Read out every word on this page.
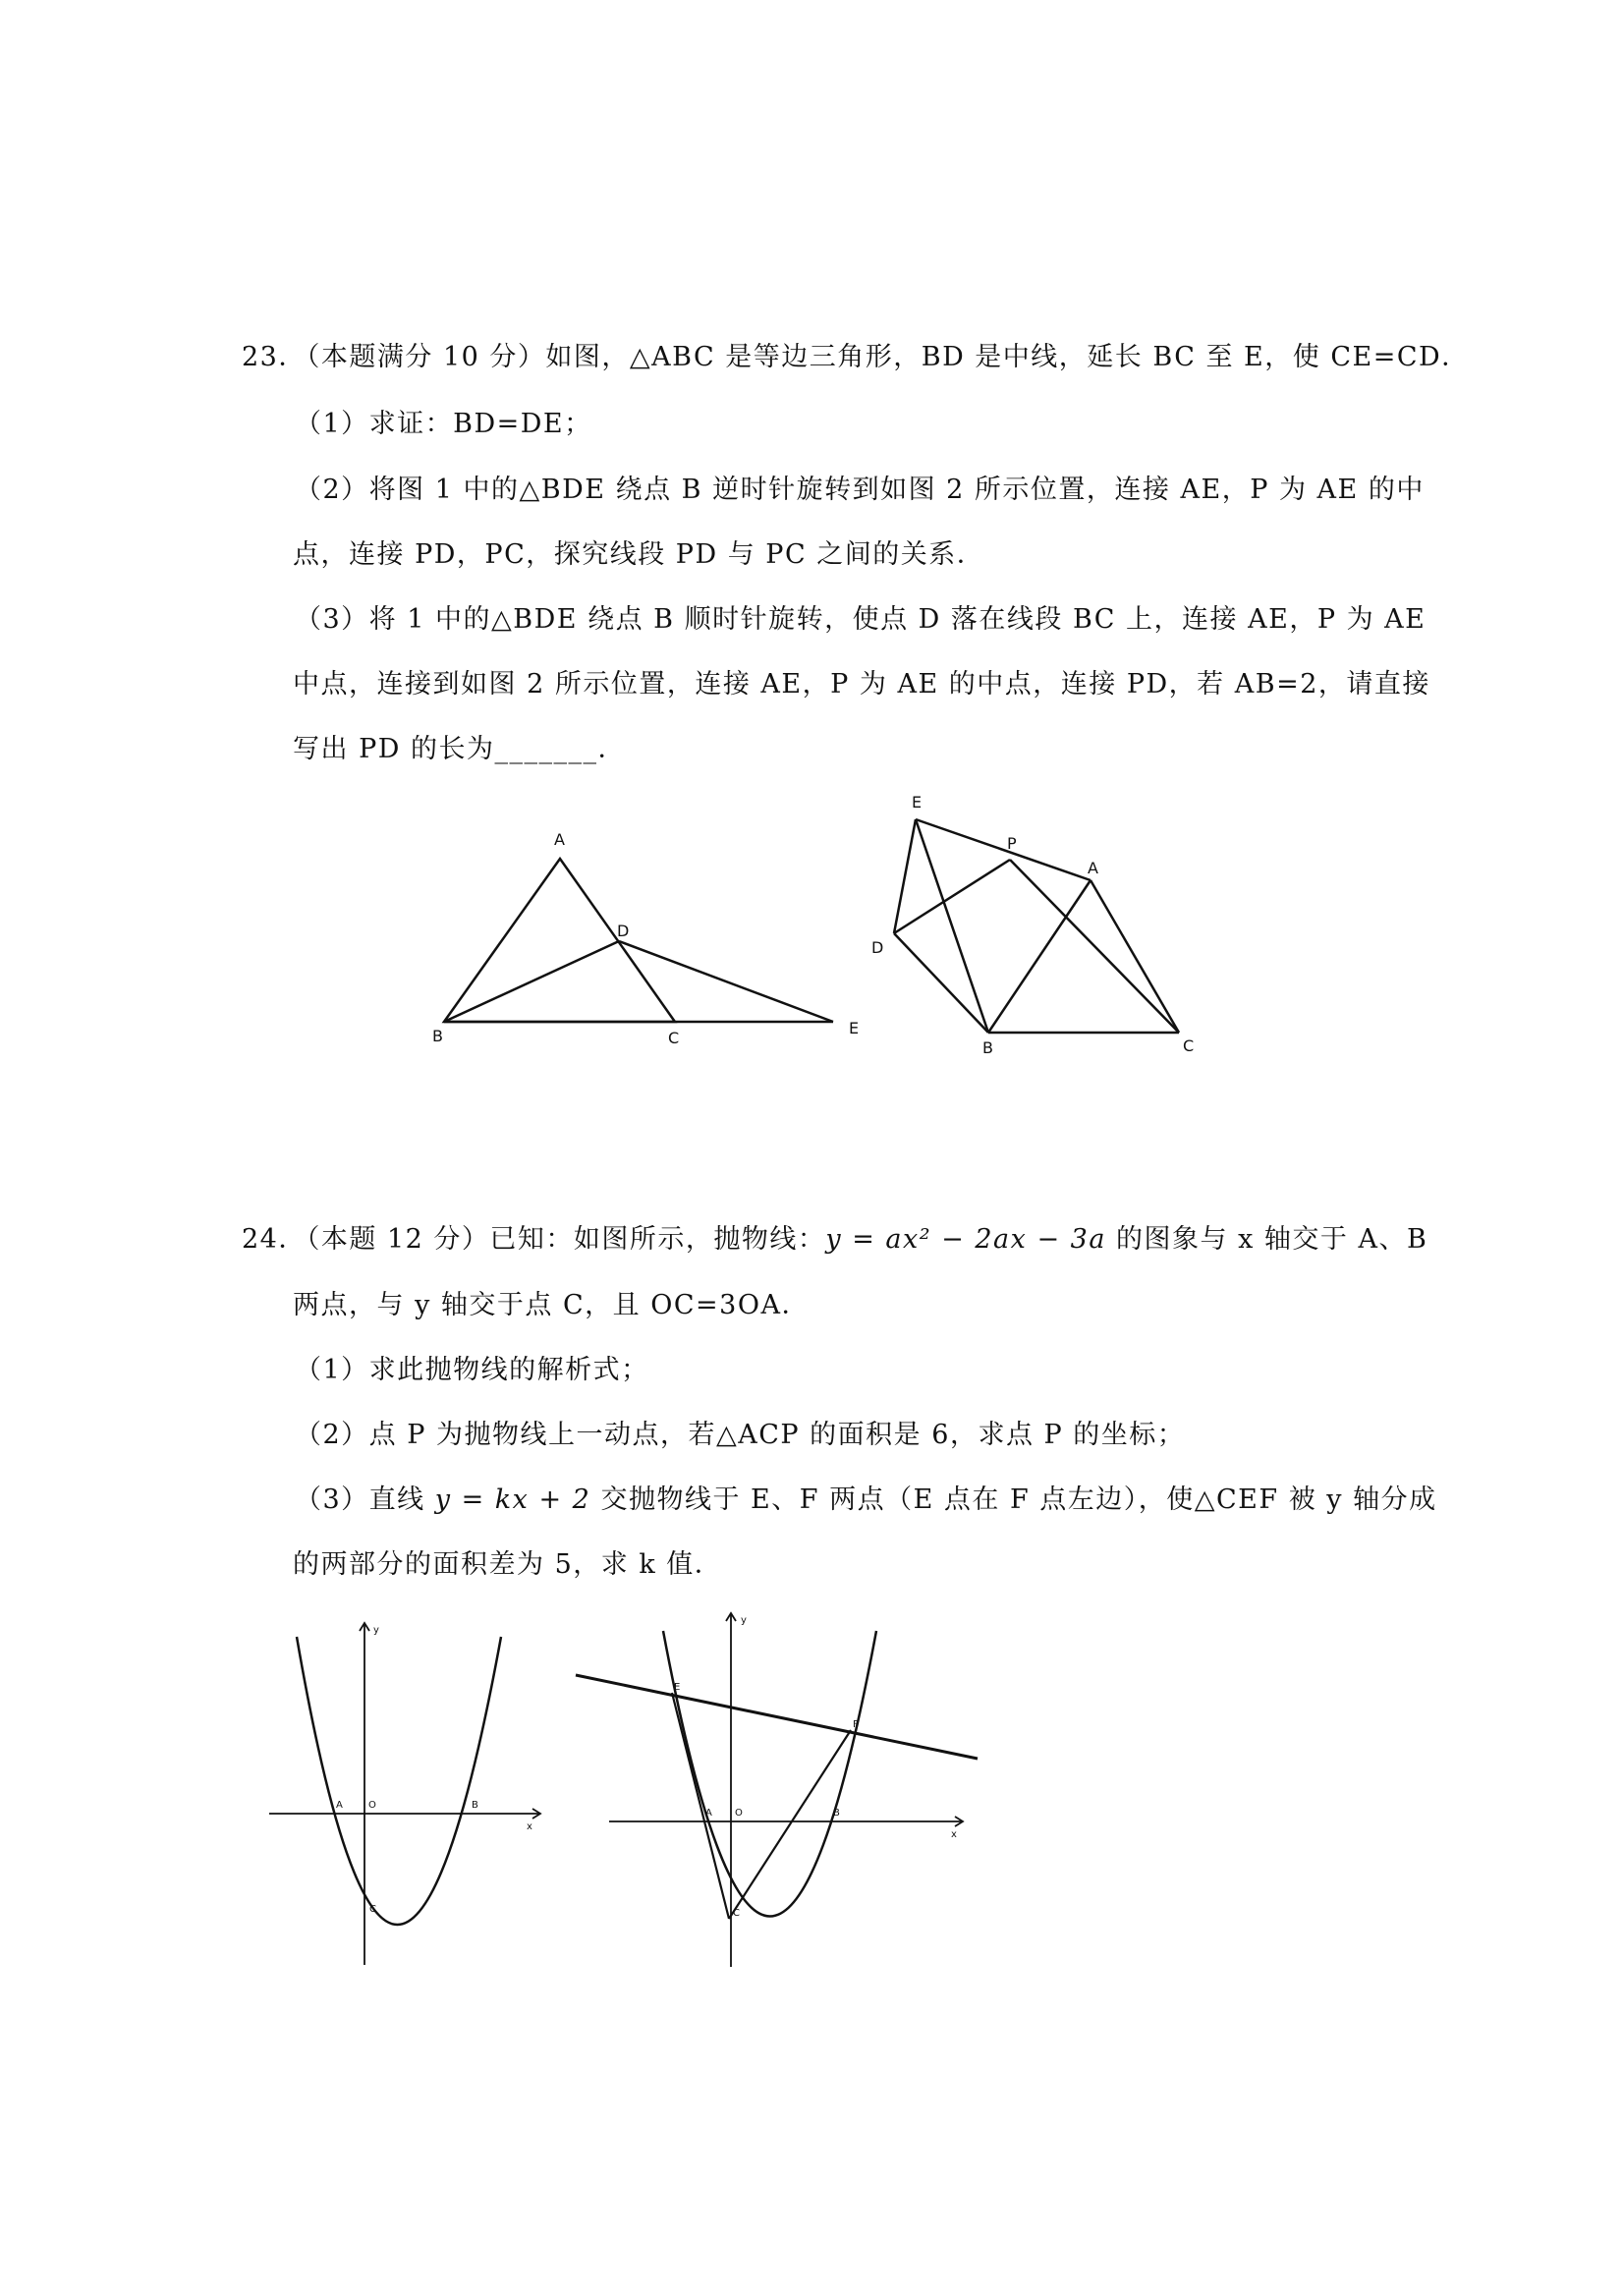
23．（本题满分 10 分）如图，△ABC 是等边三角形，BD 是中线，延长 BC 至 E，使 CE=CD．
（1）求证：BD=DE；
（2）将图 1 中的△BDE 绕点 B 逆时针旋转到如图 2 所示位置，连接 AE，P 为 AE 的中
点，连接 PD，PC，探究线段 PD 与 PC 之间的关系．
（3）将 1 中的△BDE 绕点 B 顺时针旋转，使点 D 落在线段 BC 上，连接 AE，P 为 AE
中点，连接到如图 2 所示位置，连接 AE，P 为 AE 的中点，连接 PD，若 AB=2，请直接
写出 PD 的长为_______．
A
B	C
D
E
E
P
A
D
B	C
24．（本题 12 分）已知：如图所示，抛物线：y = ax² − 2ax − 3a 的图象与 x 轴交于 A、B
两点，与 y 轴交于点 C，且 OC=3OA．
（1）求此抛物线的解析式；
（2）点 P 为抛物线上一动点，若△ACP 的面积是 6，求点 P 的坐标；
（3）直线 y = kx + 2 交抛物线于 E、F 两点（E 点在 F 点左边），使△CEF 被 y 轴分成
的两部分的面积差为 5，求 k 值．
y
x
A	O	B
C
y
x
E
F
A O	B
C
